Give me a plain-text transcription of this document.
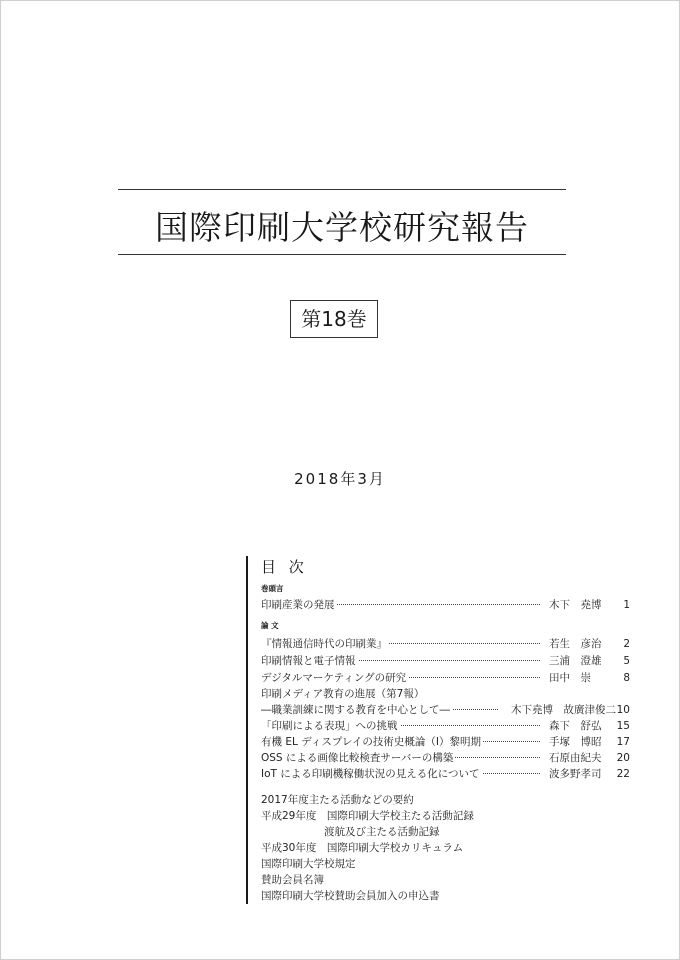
国際印刷大学校研究報告
第18巻
2018年3月
目 次
巻頭言
印刷産業の発展	木下　堯博 1
論 文
『情報通信時代の印刷業』	若生　彦治 2
印刷情報と電子情報	三浦　澄雄 5
デジタルマーケティングの研究	田中　崇	8
印刷メディア教育の進展（第7報）
―職業訓練に関する教育を中心として―	木下堯博　故廣津俊二 10
「印刷による表現」への挑戦	森下　舒弘 15
有機 EL ディスプレイの技術史概論（Ⅰ）黎明期	手塚　博昭 17
OSS による画像比較検査サーバーの構築	石原由紀夫 20
IoT による印刷機稼働状況の見える化について	波多野孝司 22
2017年度主たる活動などの要約
平成29年度　国際印刷大学校主たる活動記録
渡航及び主たる活動記録
平成30年度　国際印刷大学校カリキュラム
国際印刷大学校規定
賛助会員名簿
国際印刷大学校賛助会員加入の申込書
